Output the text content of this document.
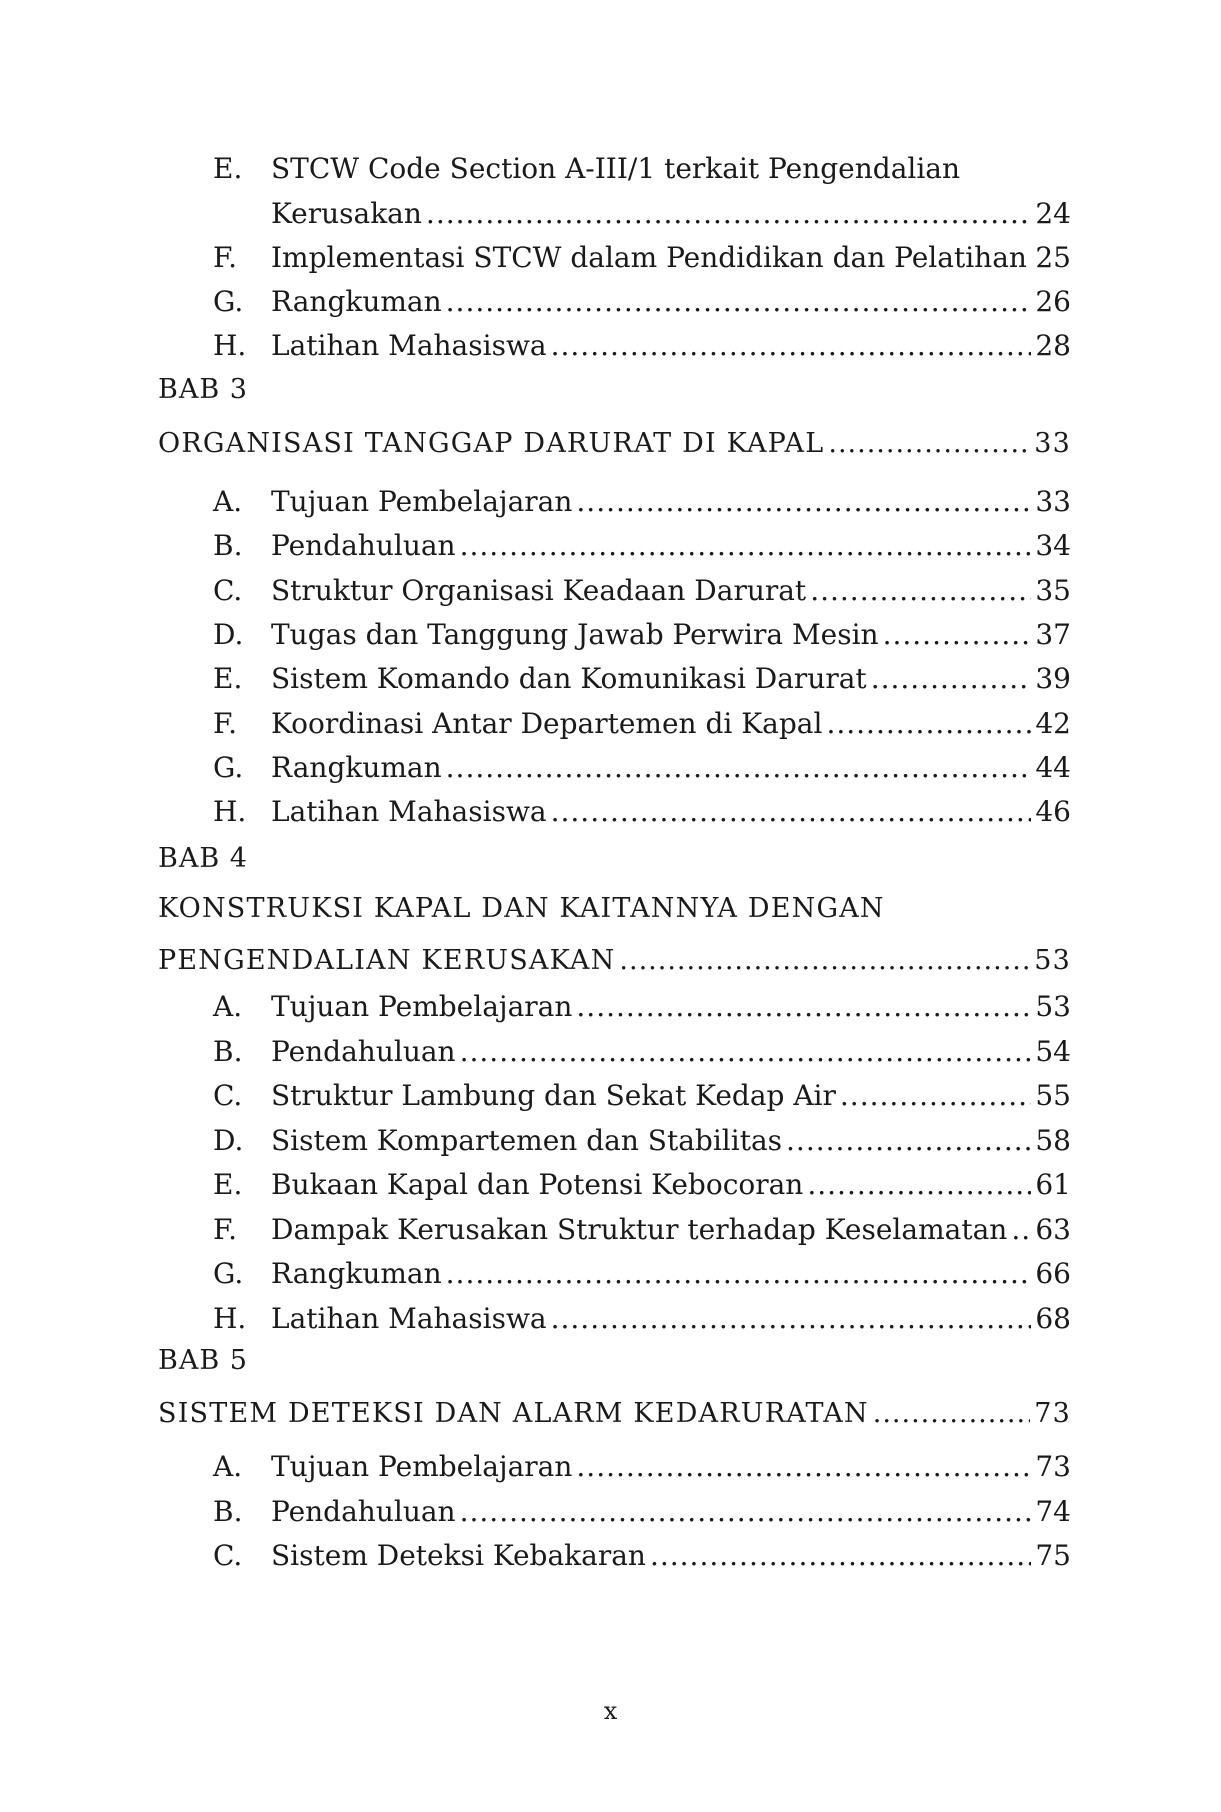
E.	STCW Code Section A-III/1 terkait Pengendalian
Kerusakan .....	24
F.	Implementasi STCW dalam Pendidikan dan Pelatihan ..... 25
G. Rangkuman .....	26
H. Latihan Mahasiswa .....	28
BAB 3
ORGANISASI TANGGAP DARURAT DI KAPAL .....	33
A.	Tujuan Pembelajaran .....	33
B.	Pendahuluan .....	34
C.	Struktur Organisasi Keadaan Darurat .....	35
D. Tugas dan Tanggung Jawab Perwira Mesin .....	37
E.	Sistem Komando dan Komunikasi Darurat .....	39
F.	Koordinasi Antar Departemen di Kapal .....	42
G. Rangkuman .....	44
H. Latihan Mahasiswa .....	46
BAB 4
KONSTRUKSI KAPAL DAN KAITANNYA DENGAN
PENGENDALIAN KERUSAKAN .....	53
A.	Tujuan Pembelajaran .....	53
B.	Pendahuluan .....	54
C.	Struktur Lambung dan Sekat Kedap Air .....	55
D. Sistem Kompartemen dan Stabilitas .....	58
E.	Bukaan Kapal dan Potensi Kebocoran .....	61
F.	Dampak Kerusakan Struktur terhadap Keselamatan ..... 63
G. Rangkuman .....	66
H. Latihan Mahasiswa .....	68
BAB 5
SISTEM DETEKSI DAN ALARM KEDARURATAN .....	73
A.	Tujuan Pembelajaran .....	73
B.	Pendahuluan .....	74
C.	Sistem Deteksi Kebakaran .....	75
x
